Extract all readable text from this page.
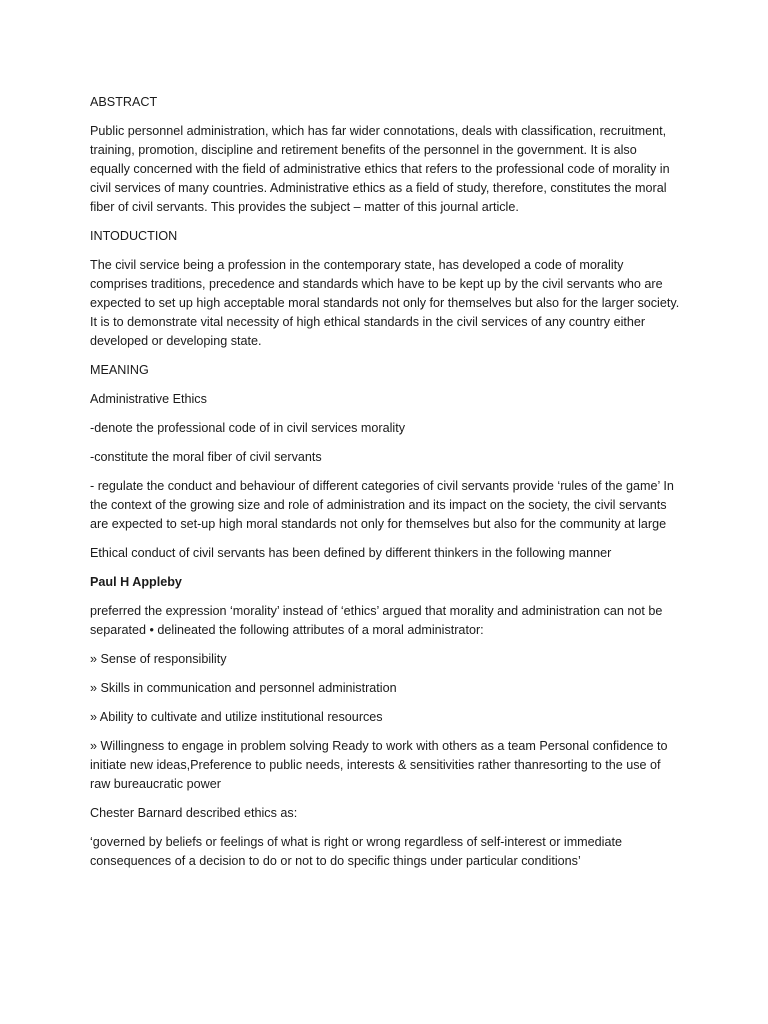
ABSTRACT

Public personnel administration, which has far wider connotations, deals with classification, recruitment, training, promotion, discipline and retirement benefits of the personnel in the government. It is also equally concerned with the field of administrative ethics that refers to the professional code of morality in civil services of many countries. Administrative ethics as a field of study, therefore, constitutes the moral fiber of civil servants. This provides the subject – matter of this journal article.

INTODUCTION

The civil service being a profession in the contemporary state, has developed a code of morality comprises traditions, precedence and standards which have to be kept up by the civil servants who are expected to set up high acceptable moral standards not only for themselves but also for the larger society. It is to demonstrate vital necessity of high ethical standards in the civil services of any country either developed or developing state.

MEANING

Administrative Ethics

-denote the professional code of in civil services morality

-constitute the moral fiber of civil servants

- regulate the conduct and behaviour of different categories of civil servants provide ‘rules of the game’ In the context of the growing size and role of administration and its impact on the society, the civil servants are expected to set-up high moral standards not only for themselves but also for the community at large

Ethical conduct of civil servants has been defined by different thinkers in the following manner

Paul H Appleby

preferred the expression ‘morality’ instead of ‘ethics’ argued that morality and administration can not be separated • delineated the following attributes of a moral administrator:

» Sense of responsibility

» Skills in communication and personnel administration

» Ability to cultivate and utilize institutional resources

» Willingness to engage in problem solving Ready to work with others as a team Personal confidence to initiate new ideas,Preference to public needs, interests & sensitivities rather thanresorting to the use of raw bureaucratic power

Chester Barnard described ethics as:

‘governed by beliefs or feelings of what is right or wrong regardless of self-interest or immediate consequences of a decision to do or not to do specific things under particular conditions’
